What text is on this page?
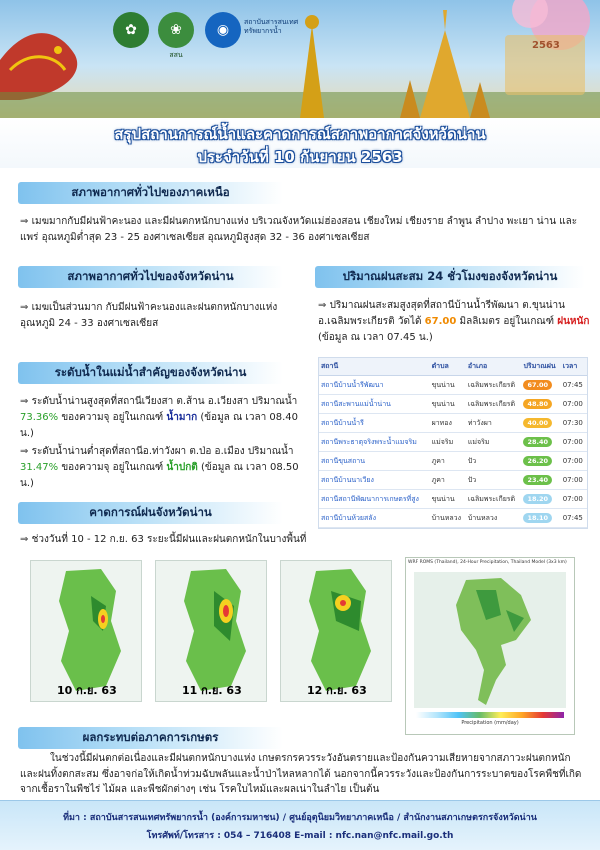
✿ ❀
สสน
◉ สถาบันสารสนเทศทรัพยากรน้ำ
2563
สรุปสถานการณ์น้ำและคาดการณ์สภาพอากาศจังหวัดน่าน
ประจำวันที่ 10 กันยายน 2563
สภาพอากาศทั่วไปของภาคเหนือ
⇒ เมฆมากกับมีฝนฟ้าคะนอง และมีฝนตกหนักบางแห่ง บริเวณจังหวัดแม่ฮ่องสอน เชียงใหม่ เชียงราย ลำพูน ลำปาง พะเยา น่าน และแพร่ อุณหภูมิต่ำสุด 23 - 25 องศาเซลเซียส อุณหภูมิสูงสุด 32 - 36 องศาเซลเซียส
สภาพอากาศทั่วไปของจังหวัดน่าน
⇒ เมฆเป็นส่วนมาก กับมีฝนฟ้าคะนองและฝนตกหนักบางแห่ง อุณหภูมิ 24 - 33 องศาเซลเซียส
ปริมาณฝนสะสม 24 ชั่วโมงของจังหวัดน่าน
⇒ ปริมาณฝนสะสมสูงสุดที่สถานีบ้านน้ำรีพัฒนา ต.ขุนน่าน อ.เฉลิมพระเกียรติ วัดได้ 67.00 มิลลิเมตร อยู่ในเกณฑ์ ฝนหนัก (ข้อมูล ณ เวลา 07.45 น.)
สถานี	ตำบล	อำเภอ	ปริมาณฝน	เวลา
สถานีบ้านน้ำรีพัฒนา	ขุนน่าน	เฉลิมพระเกียรติ	67.00	07:45
สถานีสะพานแม่น้ำน่าน	ขุนน่าน	เฉลิมพระเกียรติ	48.80	07:00
สถานีบ้านน้ำรี	ผาทอง	ท่าวังผา	40.00	07:30
สถานีพระธาตุจริงพระน้ำแมจริม	แม่จริม	แม่จริม	28.40	07:00
สถานีขุนสถาน	ภูคา	ปัว	26.20	07:00
สถานีบ้านนาเวียง	ภูคา	ปัว	23.40	07:00
สถานีสถานีพัฒนาการเกษตรที่สูง	ขุนน่าน	เฉลิมพระเกียรติ	18.20	07:00
สถานีบ้านห้วยสลัง	บ้านหลวง	บ้านหลวง	18.10	07:45
ระดับน้ำในแม่น้ำสำคัญของจังหวัดน่าน
⇒ ระดับน้ำน่านสูงสุดที่สถานีเวียงสา ต.ส้าน อ.เวียงสา ปริมาณน้ำ 73.36% ของความจุ อยู่ในเกณฑ์ น้ำมาก (ข้อมูล ณ เวลา 08.40 น.)
⇒ ระดับน้ำน่านต่ำสุดที่สถานีอ.ท่าวังผา ต.ป่อ อ.เมือง ปริมาณน้ำ 31.47% ของความจุ อยู่ในเกณฑ์ น้ำปกติ (ข้อมูล ณ เวลา 08.50 น.)
คาดการณ์ฝนจังหวัดน่าน
⇒ ช่วงวันที่ 10 - 12 ก.ย. 63 ระยะนี้มีฝนและฝนตกหนักในบางพื้นที่
10 ก.ย. 63	11 ก.ย. 63	12 ก.ย. 63
WRF ROMS (Thailand), 24-Hour Precipitation, Thailand Model (3x3 km)
Precipitation (mm/day)
ผลกระทบต่อภาคการเกษตร
ในช่วงนี้มีฝนตกต่อเนื่องและมีฝนตกหนักบางแห่ง เกษตรกรควรระวังอันตรายและป้องกันความเสียหายจากสภาวะฝนตกหนัก และฝนทิ้งตกสะสม ซึ่งอาจก่อให้เกิดน้ำท่วมฉับพลันและน้ำป่าไหลหลากได้ นอกจากนี้ควรระวังและป้องกันการระบาดของโรคพืชที่เกิดจากเชื้อราในพืชไร่ ไม้ผล และพืชผักต่างๆ เช่น โรคใบไหม้และผลเน่าในลำไย เป็นต้น
ที่มา : สถาบันสารสนเทศทรัพยากรน้ำ (องค์การมหาชน) / ศูนย์อุตุนิยมวิทยาภาคเหนือ / สำนักงานสภาเกษตรกรจังหวัดน่าน
โทรศัพท์/โทรสาร : 054 – 716408 E-mail : nfc.nan@nfc.mail.go.th
